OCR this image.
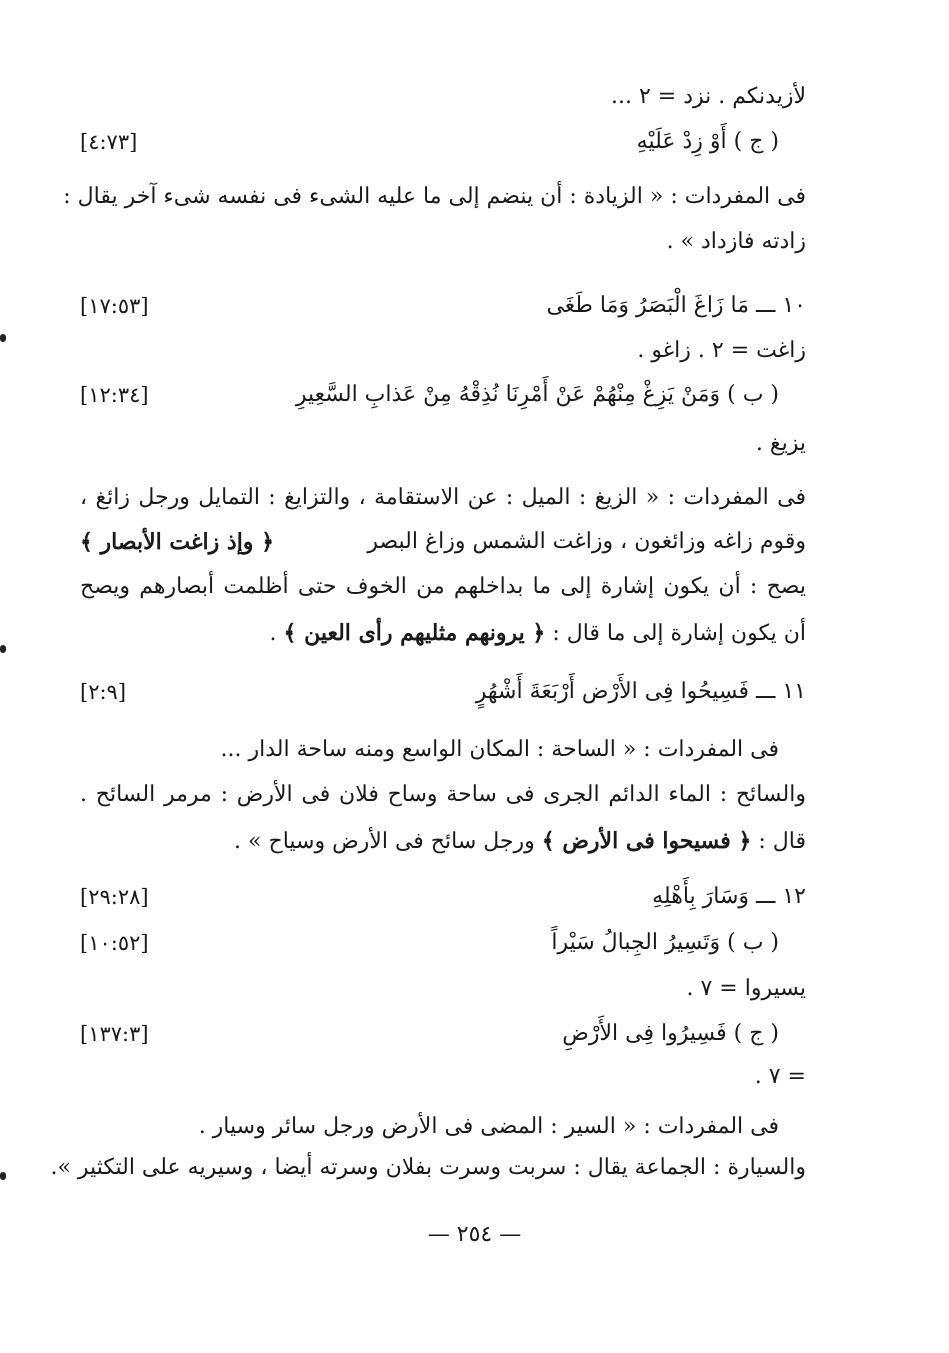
لأزيدنكم . نزد = ٢ ...
( ج ) أَوْ زِدْ عَلَيْهِ
[٤:٧٣]
فى المفردات : « الزيادة : أن ينضم إلى ما عليه الشىء فى نفسه شىء آخر يقال :
زادته فازداد » .
١٠ ـــ مَا زَاغَ الْبَصَرُ وَمَا طَغَى
[١٧:٥٣]
زاغت = ٢ . زاغو .
( ب ) وَمَنْ يَزِغْ مِنْهُمْ عَنْ أَمْرِنَا نُذِقْهُ مِنْ عَذابِ السَّعِيرِ
[١٢:٣٤]
يزيغ .
فى المفردات : « الزيغ : الميل : عن الاستقامة ، والتزايغ : التمايل ورجل زائغ ،
وقوم زاغه وزائغون ، وزاغت الشمس وزاغ البصر
﴿ وإذ زاغت الأبصار ﴾
يصح : أن يكون إشارة إلى ما بداخلهم من الخوف حتى أظلمت أبصارهم ويصح
أن يكون إشارة إلى ما قال : ﴿ يرونهم مثليهم رأى العين ﴾ .
١١ ـــ فَسِيحُوا فِى الأَرْض أَرْبَعَةَ أَشْهُرٍ
[٢:٩]
فى المفردات : « الساحة : المكان الواسع ومنه ساحة الدار ...
والسائح : الماء الدائم الجرى فى ساحة وساح فلان فى الأرض : مرمر السائح .
قال : ﴿ فسيحوا فى الأرض ﴾ ورجل سائح فى الأرض وسياح » .
١٢ ـــ وَسَارَ بِأَهْلِهِ
[٢٩:٢٨]
( ب ) وَتَسِيرُ الجِبالُ سَيْراً
[١٠:٥٢]
يسيروا = ٧ .
( ج ) فَسِيرُوا فِى الأَرْضِ
[١٣٧:٣]
= ٧ .
فى المفردات : « السير : المضى فى الأرض ورجل سائر وسيار .
والسيارة : الجماعة يقال : سربت وسرت بفلان وسرته أيضا ، وسيريه على التكثير ».
— ٢٥٤ —
